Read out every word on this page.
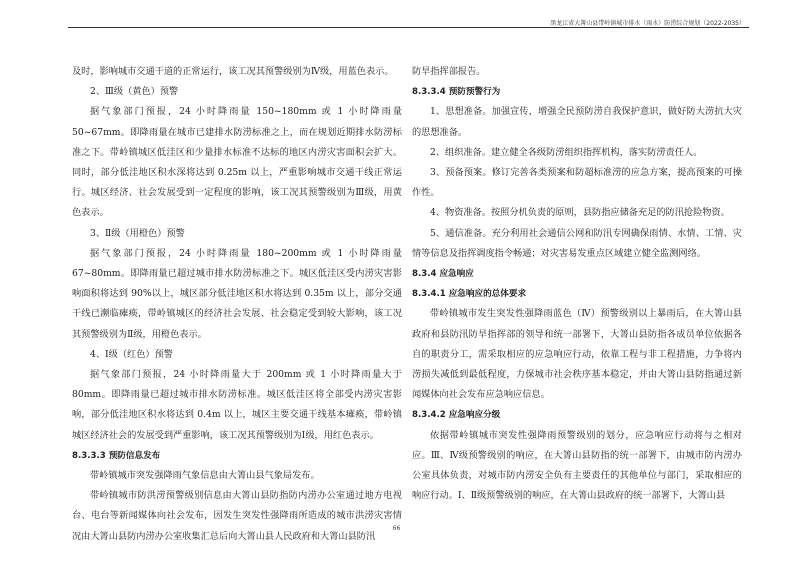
黑龙江省大箐山县带岭镇城市排水（雨水）防涝综合规划（2022-2035）

及时，影响城市交通干道的正常运行，该工况其预警级别为Ⅳ级，用蓝色表示。

2、Ⅲ级（黄色）预警

据气象部门预报，24 小时降雨量 150~180mm 或 1 小时降雨量 50~67mm。即降雨量在城市已建排水防涝标准之上，而在规划近期排水防涝标准之下。带岭镇城区低洼区和少量排水标准不达标的地区内涝灾害面积会扩大。同时，部分低洼地区积水深将达到 0.25m 以上，严重影响城市交通干线正常运行。城区经济、社会发展受到一定程度的影响，该工况其预警级别为Ⅲ级，用黄色表示。

3、Ⅱ级（用橙色）预警

据气象部门预报，24 小时降雨量 180~200mm 或 1 小时降雨量 67~80mm。即降雨量已超过城市排水防涝标准之下。城区低洼区受内涝灾害影响面积将达到 90%以上，城区部分低洼地区积水将达到 0.35m 以上，部分交通干线已濒临瘫痪，带岭镇城区的经济社会发展、社会稳定受到较大影响，该工况其预警级别为Ⅱ级，用橙色表示。

4、Ⅰ级（红色）预警

据气象部门预报，24 小时降雨量大于 200mm 或 1 小时降雨量大于 80mm。即降雨量已超过城市排水防涝标准。城区低洼区将全部受内涝灾害影响，部分低洼地区积水将达到 0.4m 以上，城区主要交通干线基本瘫痪，带岭镇城区经济社会的发展受到严重影响，该工况其预警级别为Ⅰ级，用红色表示。

8.3.3.3 预防信息发布

带岭镇城市突发强降雨气象信息由大箐山县气象局发布。

带岭镇城市防洪涝预警级别信息由大箐山县防指防内涝办公室通过地方电视台、电台等新闻媒体向社会发布，因发生突发性强降雨所造成的城市洪涝灾害情况由大箐山县防内涝办公室收集汇总后向大箐山县人民政府和大箐山县防汛

防旱指挥部报告。

8.3.3.4 预防预警行为

1、思想准备。加强宣传，增强全民预防涝自我保护意识，做好防大涝抗大灾的思想准备。

2、组织准备。建立健全各级防涝组织指挥机构，落实防涝责任人。

3、预备预案。修订完善各类预案和防超标准涝的应急方案，提高预案的可操作性。

4、物资准备。按照分机负责的原则，县防指应储备充足的防汛抢险物资。

5、通信准备。充分利用社会通信公网和防汛专网确保雨情、水情、工情、灾情等信息及指挥调度指令畅通；对灾害易发重点区域建立健全监测网络。

8.3.4 应急响应
8.3.4.1 应急响应的总体要求

带岭镇城市发生突发性强降雨蓝色（Ⅳ）预警级别以上暴雨后，在大箐山县政府和县防汛防旱指挥部的领导和统一部署下，大箐山县防指各成员单位依据各自的职责分工，需采取相应的应急响应行动，依靠工程与非工程措施，力争将内涝损失减低到最低程度，力保城市社会秩序基本稳定，并由大箐山县防指通过新闻媒体向社会发布应急响应信息。

8.3.4.2 应急响应分级

依据带岭镇城市突发性强降雨预警级别的划分，应急响应行动将与之相对应。Ⅲ、Ⅳ级预警级别的响应，在大箐山县防指的统一部署下，由城市防内涝办公室具体负责，对城市防内涝安全负有主要责任的其他单位与部门，采取相应的响应行动。Ⅰ、Ⅱ级预警级别的响应，在大箐山县政府的统一部署下，大箐山县

66
